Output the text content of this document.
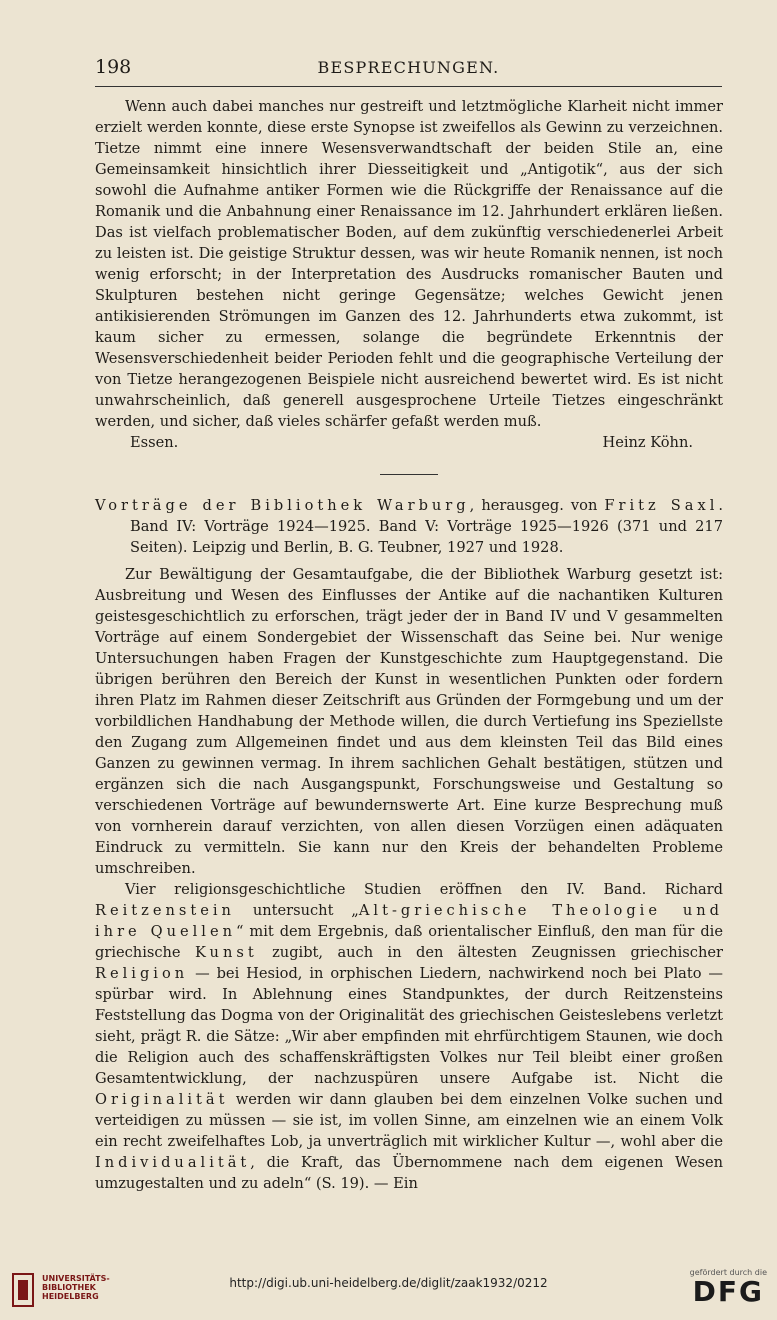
198	BESPRECHUNGEN.

Wenn auch dabei manches nur gestreift und letztmögliche Klarheit nicht immer erzielt werden konnte, diese erste Synopse ist zweifellos als Gewinn zu verzeichnen. Tietze nimmt eine innere Wesensverwandtschaft der beiden Stile an, eine Gemeinsamkeit hinsichtlich ihrer Diesseitigkeit und „Antigotik“, aus der sich sowohl die Aufnahme antiker Formen wie die Rückgriffe der Renaissance auf die Romanik und die Anbahnung einer Renaissance im 12. Jahrhundert erklären ließen. Das ist vielfach problematischer Boden, auf dem zukünftig verschiedenerlei Arbeit zu leisten ist. Die geistige Struktur dessen, was wir heute Romanik nennen, ist noch wenig erforscht; in der Interpretation des Ausdrucks romanischer Bauten und Skulpturen bestehen nicht geringe Gegensätze; welches Gewicht jenen antikisierenden Strömungen im Ganzen des 12. Jahrhunderts etwa zukommt, ist kaum sicher zu ermessen, solange die begründete Erkenntnis der Wesensverschiedenheit beider Perioden fehlt und die geographische Verteilung der von Tietze herangezogenen Beispiele nicht ausreichend bewertet wird. Es ist nicht unwahrscheinlich, daß generell ausgesprochene Urteile Tietzes eingeschränkt werden, und sicher, daß vieles schärfer gefaßt werden muß.

Essen.	Heinz Köhn.
Vorträge der Bibliothek Warburg, herausgeg. von Fritz Saxl. Band IV: Vorträge 1924—1925. Band V: Vorträge 1925—1926 (371 und 217 Seiten). Leipzig und Berlin, B. G. Teubner, 1927 und 1928.

Zur Bewältigung der Gesamtaufgabe, die der Bibliothek Warburg gesetzt ist: Ausbreitung und Wesen des Einflusses der Antike auf die nachantiken Kulturen geistesgeschichtlich zu erforschen, trägt jeder der in Band IV und V gesammelten Vorträge auf einem Sondergebiet der Wissenschaft das Seine bei. Nur wenige Untersuchungen haben Fragen der Kunstgeschichte zum Hauptgegenstand. Die übrigen berühren den Bereich der Kunst in wesentlichen Punkten oder fordern ihren Platz im Rahmen dieser Zeitschrift aus Gründen der Formgebung und um der vorbildlichen Handhabung der Methode willen, die durch Vertiefung ins Speziellste den Zugang zum Allgemeinen findet und aus dem kleinsten Teil das Bild eines Ganzen zu gewinnen vermag. In ihrem sachlichen Gehalt bestätigen, stützen und ergänzen sich die nach Ausgangspunkt, Forschungsweise und Gestaltung so verschiedenen Vorträge auf bewundernswerte Art. Eine kurze Besprechung muß von vornherein darauf verzichten, von allen diesen Vorzügen einen adäquaten Eindruck zu vermitteln. Sie kann nur den Kreis der behandelten Probleme umschreiben.

Vier religionsgeschichtliche Studien eröffnen den IV. Band. Richard Reitzenstein untersucht „Alt-griechische Theologie und ihre Quellen“ mit dem Ergebnis, daß orientalischer Einfluß, den man für die griechische Kunst zugibt, auch in den ältesten Zeugnissen griechischer Religion — bei Hesiod, in orphischen Liedern, nachwirkend noch bei Plato — spürbar wird. In Ablehnung eines Standpunktes, der durch Reitzensteins Feststellung das Dogma von der Originalität des griechischen Geisteslebens verletzt sieht, prägt R. die Sätze: „Wir aber empfinden mit ehrfürchtigem Staunen, wie doch die Religion auch des schaffenskräftigsten Volkes nur Teil bleibt einer großen Gesamtentwicklung, der nachzuspüren unsere Aufgabe ist. Nicht die Originalität werden wir dann glauben bei dem einzelnen Volke suchen und verteidigen zu müssen — sie ist, im vollen Sinne, am einzelnen wie an einem Volk ein recht zweifelhaftes Lob, ja unverträglich mit wirklicher Kultur —, wohl aber die Individualität, die Kraft, das Übernommene nach dem eigenen Wesen umzugestalten und zu adeln“ (S. 19). — Ein

UNIVERSITÄTS-
BIBLIOTHEK
HEIDELBERG
http://digi.ub.uni-heidelberg.de/diglit/zaak1932/0212
gefördert durch die
DFG
